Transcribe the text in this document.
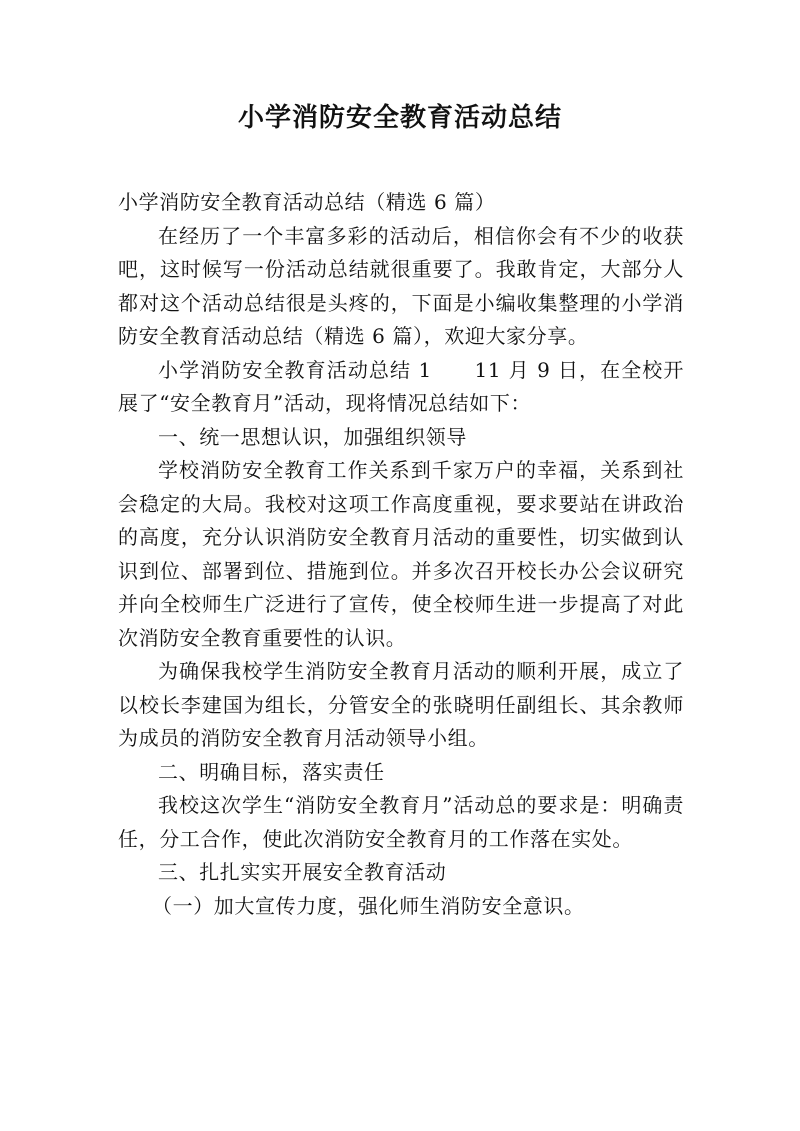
小学消防安全教育活动总结

小学消防安全教育活动总结（精选 6 篇）

在经历了一个丰富多彩的活动后，相信你会有不少的收获吧，这时候写一份活动总结就很重要了。我敢肯定，大部分人都对这个活动总结很是头疼的，下面是小编收集整理的小学消防安全教育活动总结（精选 6 篇），欢迎大家分享。

小学消防安全教育活动总结 1　　11 月 9 日，在全校开展了“安全教育月”活动，现将情况总结如下：

一、统一思想认识，加强组织领导

学校消防安全教育工作关系到千家万户的幸福，关系到社会稳定的大局。我校对这项工作高度重视，要求要站在讲政治的高度，充分认识消防安全教育月活动的重要性，切实做到认识到位、部署到位、措施到位。并多次召开校长办公会议研究并向全校师生广泛进行了宣传，使全校师生进一步提高了对此次消防安全教育重要性的认识。

为确保我校学生消防安全教育月活动的顺利开展，成立了以校长李建国为组长，分管安全的张晓明任副组长、其余教师为成员的消防安全教育月活动领导小组。

二、明确目标，落实责任

我校这次学生“消防安全教育月”活动总的要求是：明确责任，分工合作，使此次消防安全教育月的工作落在实处。

三、扎扎实实开展安全教育活动

（一）加大宣传力度，强化师生消防安全意识。
